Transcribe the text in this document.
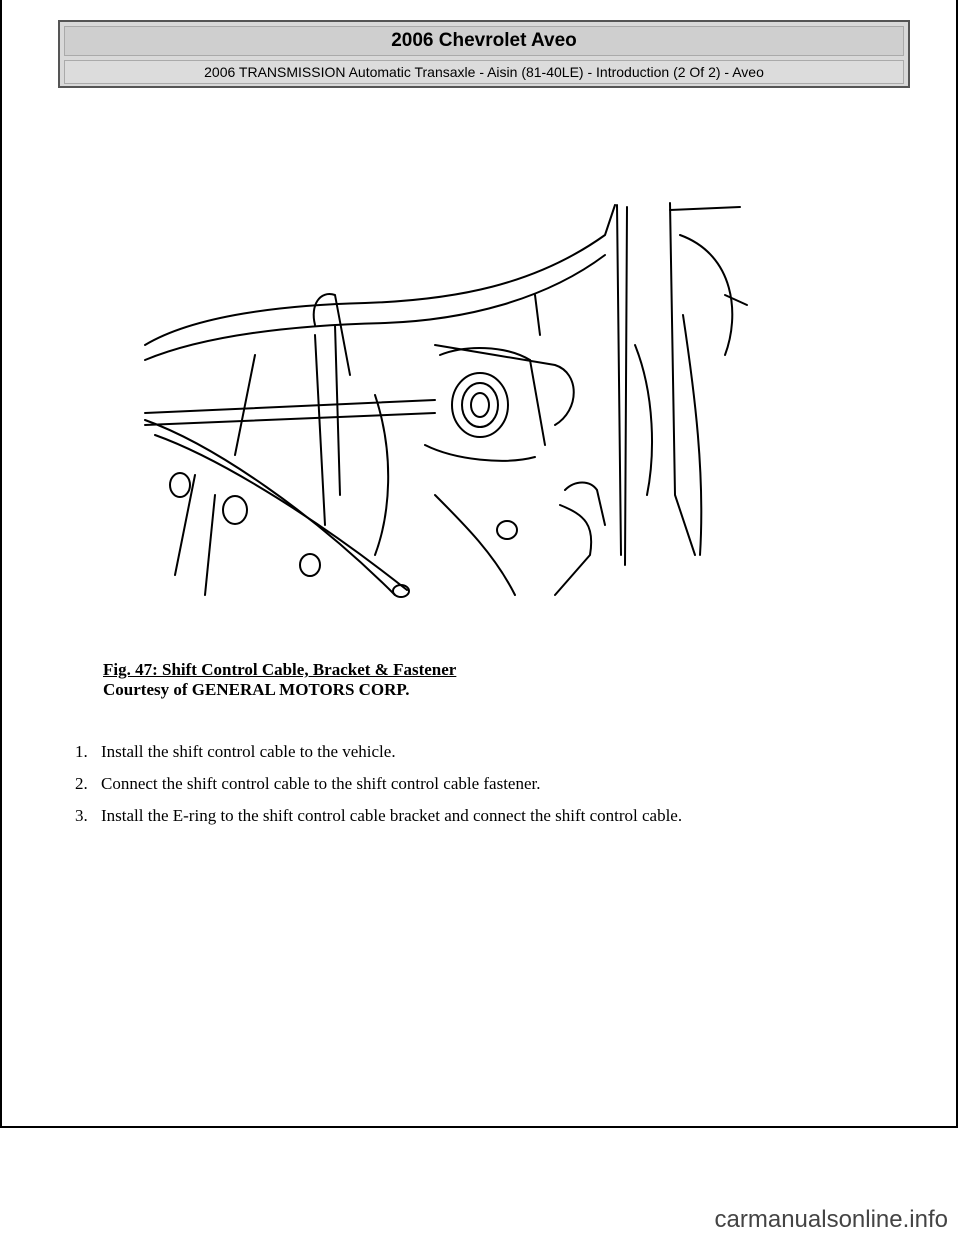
2006 Chevrolet Aveo
2006 TRANSMISSION Automatic Transaxle - Aisin (81-40LE) - Introduction (2 Of 2) - Aveo
Fig. 47: Shift Control Cable, Bracket & Fastener
Courtesy of GENERAL MOTORS CORP.
1. Install the shift control cable to the vehicle.
2. Connect the shift control cable to the shift control cable fastener.
3. Install the E-ring to the shift control cable bracket and connect the shift control cable.
carmanualsonline.info
